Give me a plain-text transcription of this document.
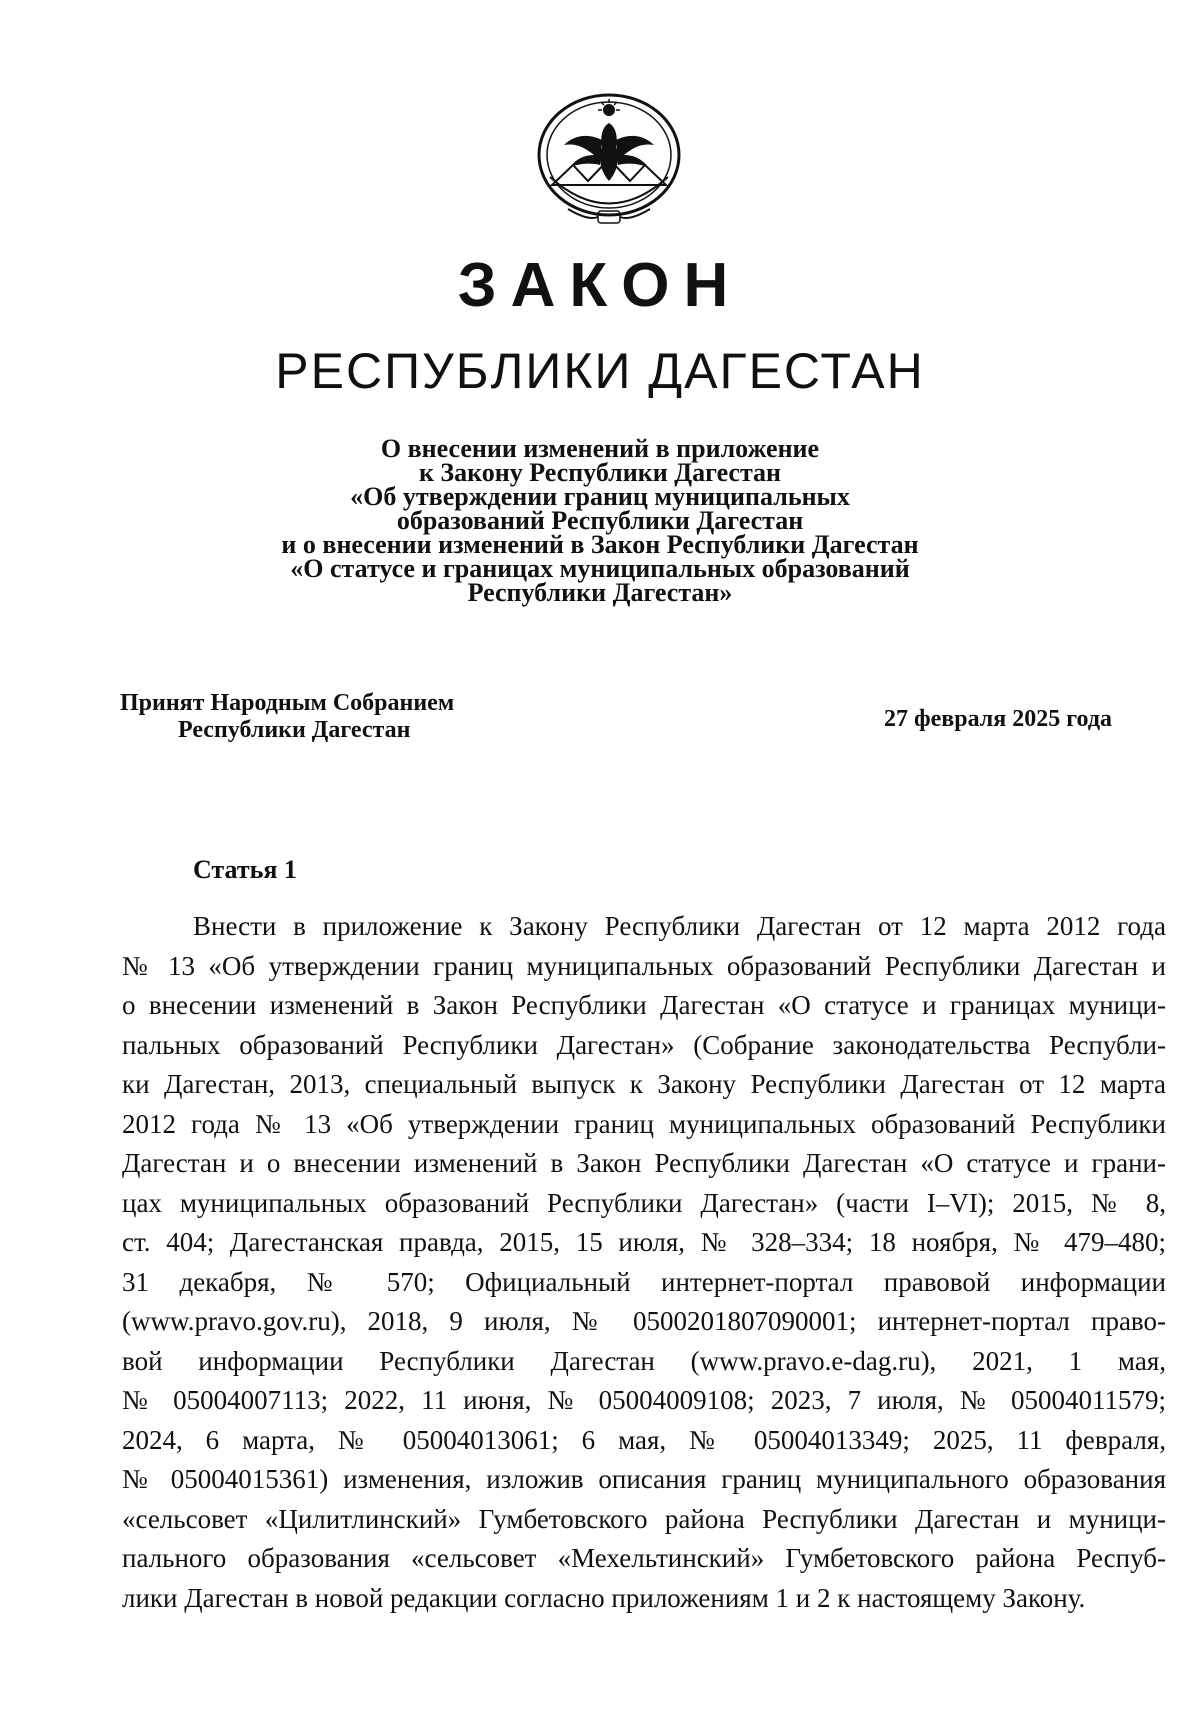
ЗАКОН
РЕСПУБЛИКИ ДАГЕСТАН
О внесении изменений в приложение
к Закону Республики Дагестан
«Об утверждении границ муниципальных
образований Республики Дагестан
и о внесении изменений в Закон Республики Дагестан
«О статусе и границах муниципальных образований
Республики Дагестан»
Принят Народным Собранием
Республики Дагестан	27 февраля 2025 года
Статья 1
Внести в приложение к Закону Республики Дагестан от 12 марта 2012 года
№ 13 «Об утверждении границ муниципальных образований Республики Дагестан и
о внесении изменений в Закон Республики Дагестан «О статусе и границах муници-
пальных образований Республики Дагестан» (Собрание законодательства Республи-
ки Дагестан, 2013, специальный выпуск к Закону Республики Дагестан от 12 марта
2012 года № 13 «Об утверждении границ муниципальных образований Республики
Дагестан и о внесении изменений в Закон Республики Дагестан «О статусе и грани-
цах муниципальных образований Республики Дагестан» (части I–VI); 2015, № 8,
ст. 404; Дагестанская правда, 2015, 15 июля, № 328–334; 18 ноября, № 479–480;
31 декабря, № 570; Официальный интернет-портал правовой информации
(www.pravo.gov.ru), 2018, 9 июля, № 0500201807090001; интернет-портал право-
вой информации Республики Дагестан (www.pravo.e-dag.ru), 2021, 1 мая,
№ 05004007113; 2022, 11 июня, № 05004009108; 2023, 7 июля, № 05004011579;
2024, 6 марта, № 05004013061; 6 мая, № 05004013349; 2025, 11 февраля,
№ 05004015361) изменения, изложив описания границ муниципального образования
«сельсовет «Цилитлинский» Гумбетовского района Республики Дагестан и муници-
пального образования «сельсовет «Мехельтинский» Гумбетовского района Респуб-
лики Дагестан в новой редакции согласно приложениям 1 и 2 к настоящему Закону.
